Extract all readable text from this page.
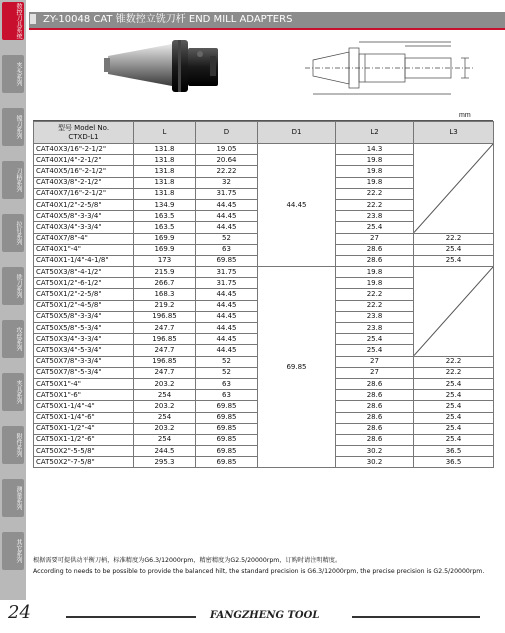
数控刀具系统
夹头系列
镗刀系列
刀柄系列
拉钉系列
铣刀系列
攻丝系列
夹具系列
附件系列
测量系列
其它系列
ZY-10048 CAT 锥数控立铣刀杆 END MILL ADAPTERS
mm
型号 Model No.
CTXD-L1	L	D	D1	L2	L3
CAT40X3/16"-2-1/2"	131.8	19.05	44.45	14.3	

CAT40X1/4"-2-1/2"	131.8	20.64		19.8	
CAT40X5/16"-2-1/2"	131.8	22.22		19.8	
CAT40X3/8"-2-1/2"	131.8	32		19.8	
CAT40X7/16"-2-1/2"	131.8	31.75		22.2	
CAT40X1/2"-2-5/8"	134.9	44.45		22.2	
CAT40X5/8"-3-3/4"	163.5	44.45		23.8	
CAT40X3/4"-3-3/4"	163.5	44.45		25.4	
CAT40X7/8"-4"	169.9	52		27	22.2
CAT40X1"-4"	169.9	63		28.6	25.4
CAT40X1-1/4"-4-1/8"	173	69.85		28.6	25.4
CAT50X3/8"-4-1/2"	215.9	31.75	69.85	19.8	

CAT50X1/2"-6-1/2"	266.7	31.75		19.8	
CAT50X1/2"-2-5/8"	168.3	44.45		22.2	
CAT50X1/2"-4-5/8"	219.2	44.45		22.2	
CAT50X5/8"-3-3/4"	196.85	44.45		23.8	
CAT50X5/8"-5-3/4"	247.7	44.45		23.8	
CAT50X3/4"-3-3/4"	196.85	44.45		25.4	
CAT50X3/4"-5-3/4"	247.7	44.45		25.4	
CAT50X7/8"-3-3/4"	196.85	52		27	22.2
CAT50X7/8"-5-3/4"	247.7	52		27	22.2
CAT50X1"-4"	203.2	63		28.6	25.4
CAT50X1"-6"	254	63		28.6	25.4
CAT50X1-1/4"-4"	203.2	69.85		28.6	25.4
CAT50X1-1/4"-6"	254	69.85		28.6	25.4
CAT50X1-1/2"-4"	203.2	69.85		28.6	25.4
CAT50X1-1/2"-6"	254	69.85		28.6	25.4
CAT50X2"-5-5/8"	244.5	69.85		30.2	36.5
CAT50X2"-7-5/8"	295.3	69.85		30.2	36.5
根据需要可提供动平衡刀柄，标准精度为G6.3/12000rpm，精密精度为G2.5/20000rpm，订购时请注明精度。
According to needs to be possible to provide the balanced hilt, the standard precision is G6.3/12000rpm, the precise precision is G2.5/20000rpm.
24	FANGZHENG TOOL
